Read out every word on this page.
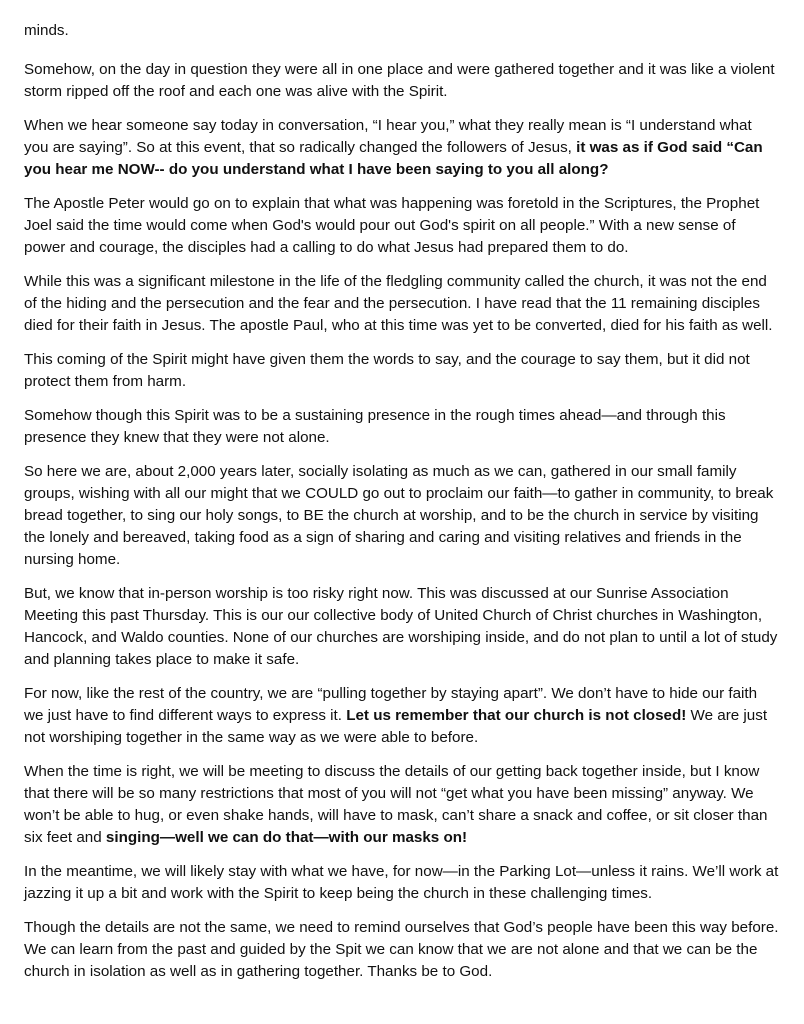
minds.

Somehow, on the day in question they were all in one place and were gathered together and it was like a violent storm ripped off the roof and each one was alive with the Spirit.

When we hear someone say today in conversation, “I hear you,” what they really mean is “I understand what you are saying”. So at this event, that so radically changed the followers of Jesus, it was as if God said “Can you hear me NOW-- do you understand what I have been saying to you all along?

The Apostle Peter would go on to explain that what was happening was foretold in the Scriptures, the Prophet Joel said the time would come when God's would pour out God's spirit on all people.” With a new sense of power and courage, the disciples had a calling to do what Jesus had prepared them to do.

While this was a significant milestone in the life of the fledgling community called the church, it was not the end of the hiding and the persecution and the fear and the persecution. I have read that the 11 remaining disciples died for their faith in Jesus. The apostle Paul, who at this time was yet to be converted, died for his faith as well.

This coming of the Spirit might have given them the words to say, and the courage to say them, but it did not protect them from harm.

Somehow though this Spirit was to be a sustaining presence in the rough times ahead—and through this presence they knew that they were not alone.

So here we are, about 2,000 years later, socially isolating as much as we can, gathered in our small family groups, wishing with all our might that we COULD go out to proclaim our faith—to gather in community, to break bread together, to sing our holy songs, to BE the church at worship, and to be the church in service by visiting the lonely and bereaved, taking food as a sign of sharing and caring and visiting relatives and friends in the nursing home.

But, we know that in-person worship is too risky right now. This was discussed at our Sunrise Association Meeting this past Thursday. This is our our collective body of United Church of Christ churches in Washington, Hancock, and Waldo counties. None of our churches are worshiping inside, and do not plan to until a lot of study and planning takes place to make it safe.

For now, like the rest of the country, we are “pulling together by staying apart”. We don’t have to hide our faith we just have to find different ways to express it. Let us remember that our church is not closed! We are just not worshiping together in the same way as we were able to before.

When the time is right, we will be meeting to discuss the details of our getting back together inside, but I know that there will be so many restrictions that most of you will not “get what you have been missing” anyway. We won’t be able to hug, or even shake hands, will have to mask, can’t share a snack and coffee, or sit closer than six feet and singing—well we can do that—with our masks on!

In the meantime, we will likely stay with what we have, for now—in the Parking Lot—unless it rains. We’ll work at jazzing it up a bit and work with the Spirit to keep being the church in these challenging times.

Though the details are not the same, we need to remind ourselves that God’s people have been this way before. We can learn from the past and guided by the Spit we can know that we are not alone and that we can be the church in isolation as well as in gathering together. Thanks be to God.
